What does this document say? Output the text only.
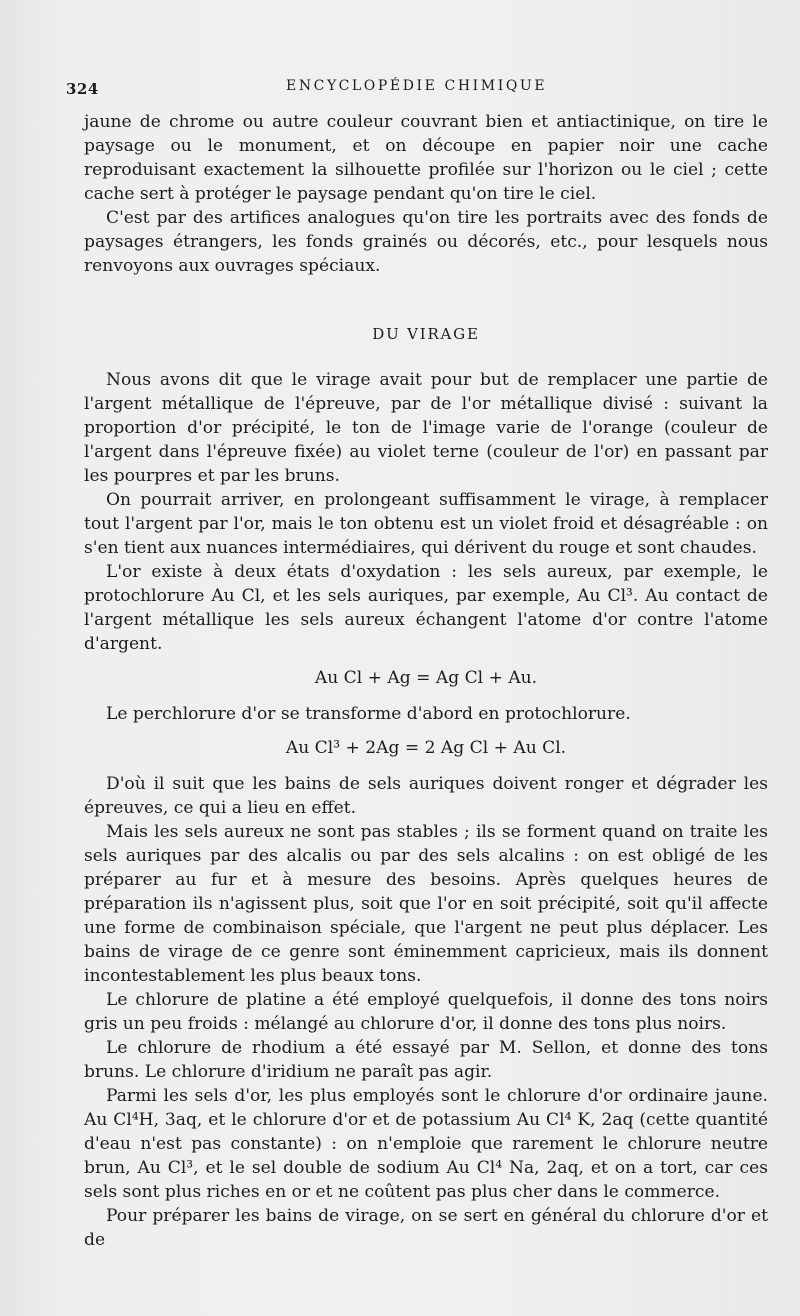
324	ENCYCLOPÉDIE CHIMIQUE

jaune de chrome ou autre couleur couvrant bien et antiactinique, on tire le paysage ou le monument, et on découpe en papier noir une cache reproduisant exactement la silhouette profilée sur l'horizon ou le ciel ; cette cache sert à protéger le paysage pendant qu'on tire le ciel.

C'est par des artifices analogues qu'on tire les portraits avec des fonds de paysages étrangers, les fonds grainés ou décorés, etc., pour lesquels nous renvoyons aux ouvrages spéciaux.

DU VIRAGE

Nous avons dit que le virage avait pour but de remplacer une partie de l'argent métallique de l'épreuve, par de l'or métallique divisé : suivant la proportion d'or précipité, le ton de l'image varie de l'orange (couleur de l'argent dans l'épreuve fixée) au violet terne (couleur de l'or) en passant par les pourpres et par les bruns.

On pourrait arriver, en prolongeant suffisamment le virage, à remplacer tout l'argent par l'or, mais le ton obtenu est un violet froid et désagréable : on s'en tient aux nuances intermédiaires, qui dérivent du rouge et sont chaudes.

L'or existe à deux états d'oxydation : les sels aureux, par exemple, le protochlorure Au Cl, et les sels auriques, par exemple, Au Cl³. Au contact de l'argent métallique les sels aureux échangent l'atome d'or contre l'atome d'argent.

Au Cl + Ag = Ag Cl + Au.

Le perchlorure d'or se transforme d'abord en protochlorure.

Au Cl³ + 2Ag = 2 Ag Cl + Au Cl.

D'où il suit que les bains de sels auriques doivent ronger et dégrader les épreuves, ce qui a lieu en effet.

Mais les sels aureux ne sont pas stables ; ils se forment quand on traite les sels auriques par des alcalis ou par des sels alcalins : on est obligé de les préparer au fur et à mesure des besoins. Après quelques heures de préparation ils n'agissent plus, soit que l'or en soit précipité, soit qu'il affecte une forme de combinaison spéciale, que l'argent ne peut plus déplacer. Les bains de virage de ce genre sont éminemment capricieux, mais ils donnent incontestablement les plus beaux tons.

Le chlorure de platine a été employé quelquefois, il donne des tons noirs gris un peu froids : mélangé au chlorure d'or, il donne des tons plus noirs.

Le chlorure de rhodium a été essayé par M. Sellon, et donne des tons bruns. Le chlorure d'iridium ne paraît pas agir.

Parmi les sels d'or, les plus employés sont le chlorure d'or ordinaire jaune. Au Cl⁴H, 3aq, et le chlorure d'or et de potassium Au Cl⁴ K, 2aq (cette quantité d'eau n'est pas constante) : on n'emploie que rarement le chlorure neutre brun, Au Cl³, et le sel double de sodium Au Cl⁴ Na, 2aq, et on a tort, car ces sels sont plus riches en or et ne coûtent pas plus cher dans le commerce.

Pour préparer les bains de virage, on se sert en général du chlorure d'or et de
